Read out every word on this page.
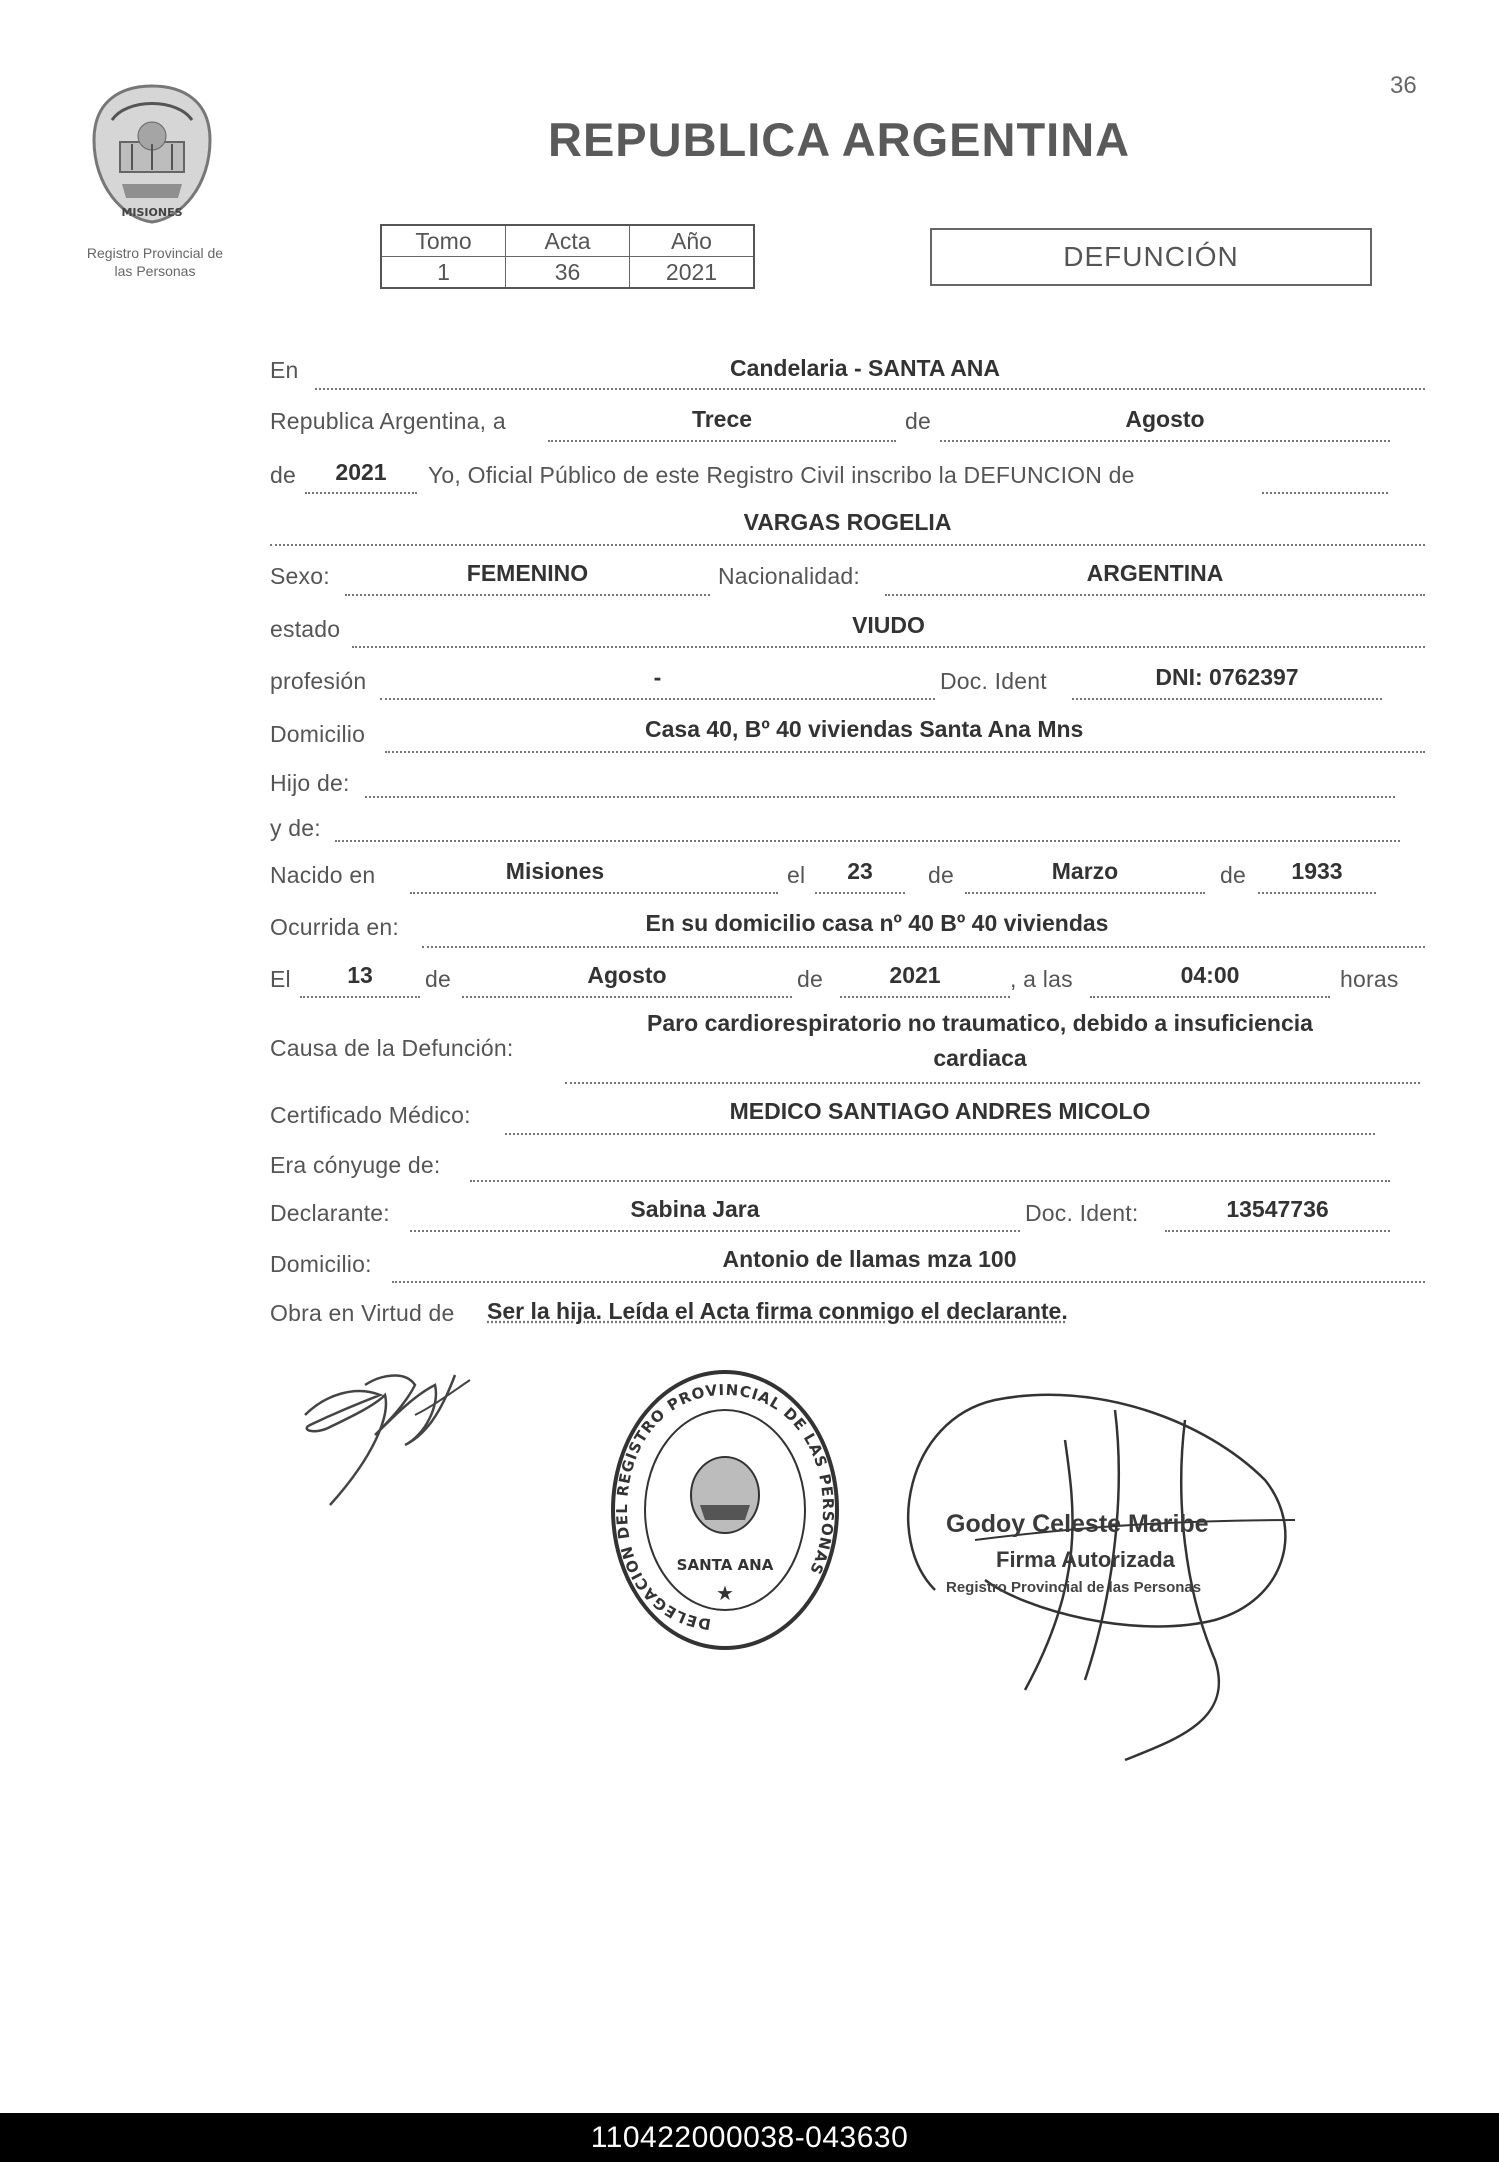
36
MISIONES
Registro Provincial de
las Personas
REPUBLICA ARGENTINA
Tomo	Acta	Año
1	36	2021	DEFUNCIÓN
En	Candelaria - SANTA ANA
Republica Argentina, a	Trece	de	Agosto
de	2021	Yo, Oficial Público de este Registro Civil inscribo la DEFUNCION de
VARGAS ROGELIA
Sexo:	FEMENINO	Nacionalidad:	ARGENTINA
estado	VIUDO
profesión	-	Doc. Ident	DNI: 0762397
Domicilio	Casa 40, Bº 40 viviendas Santa Ana Mns
Hijo de:
y de:
Nacido en	Misiones	el	23	de	Marzo	de	1933
Ocurrida en:	En su domicilio casa nº 40 Bº 40 viviendas
El	13	de	Agosto	de	2021	, a las	04:00	horas
Causa de la Defunción:
Paro cardiorespiratorio no traumatico, debido a insuficiencia
cardiaca
Certificado Médico:	MEDICO SANTIAGO ANDRES MICOLO
Era cónyuge de:
Declarante:	Sabina Jara	Doc. Ident:	13547736
Domicilio:	Antonio de llamas mza 100
Obra en Virtud de Ser la hija. Leída el Acta firma conmigo el declarante.
DELEGACION DEL REGISTRO PROVINCIAL DE LAS PERSONAS
SANTA ANA
★
Godoy Celeste Maribe
Firma Autorizada
Registro Provincial de las Personas
110422000038-043630
